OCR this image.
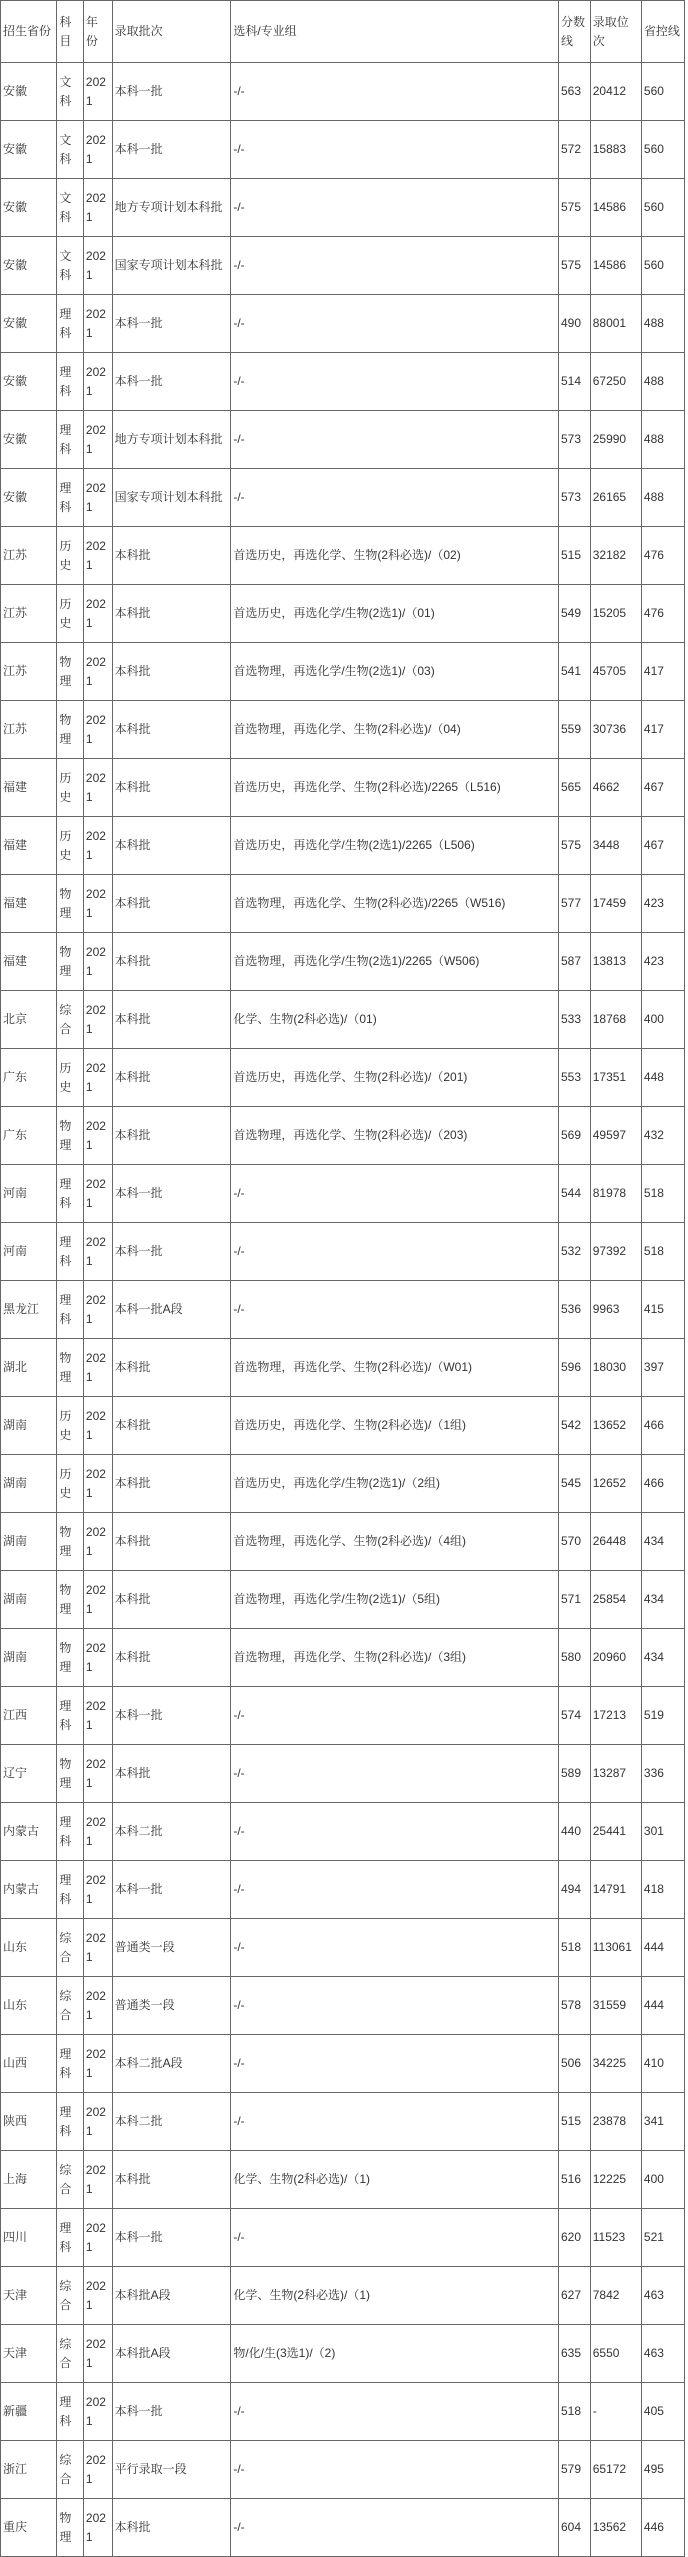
招生省份	科目	年份	录取批次	选科/专业组	分数线	录取位次	省控线
安徽	文科	2021	本科一批	-/-	563	20412	560
安徽	文科	2021	本科一批	-/-	572	15883	560
安徽	文科	2021	地方专项计划本科批	-/-	575	14586	560
安徽	文科	2021	国家专项计划本科批	-/-	575	14586	560
安徽	理科	2021	本科一批	-/-	490	88001	488
安徽	理科	2021	本科一批	-/-	514	67250	488
安徽	理科	2021	地方专项计划本科批	-/-	573	25990	488
安徽	理科	2021	国家专项计划本科批	-/-	573	26165	488
江苏	历史	2021	本科批	首选历史，再选化学、生物(2科必选)/（02)	515	32182	476
江苏	历史	2021	本科批	首选历史，再选化学/生物(2选1)/（01)	549	15205	476
江苏	物理	2021	本科批	首选物理，再选化学/生物(2选1)/（03)	541	45705	417
江苏	物理	2021	本科批	首选物理，再选化学、生物(2科必选)/（04)	559	30736	417
福建	历史	2021	本科批	首选历史，再选化学、生物(2科必选)/2265（L516)	565	4662	467
福建	历史	2021	本科批	首选历史，再选化学/生物(2选1)/2265（L506)	575	3448	467
福建	物理	2021	本科批	首选物理，再选化学、生物(2科必选)/2265（W516)	577	17459	423
福建	物理	2021	本科批	首选物理，再选化学/生物(2选1)/2265（W506)	587	13813	423
北京	综合	2021	本科批	化学、生物(2科必选)/（01)	533	18768	400
广东	历史	2021	本科批	首选历史，再选化学、生物(2科必选)/（201)	553	17351	448
广东	物理	2021	本科批	首选物理，再选化学、生物(2科必选)/（203)	569	49597	432
河南	理科	2021	本科一批	-/-	544	81978	518
河南	理科	2021	本科一批	-/-	532	97392	518
黑龙江	理科	2021	本科一批A段	-/-	536	9963	415
湖北	物理	2021	本科批	首选物理，再选化学、生物(2科必选)/（W01)	596	18030	397
湖南	历史	2021	本科批	首选历史，再选化学、生物(2科必选)/（1组)	542	13652	466
湖南	历史	2021	本科批	首选历史，再选化学/生物(2选1)/（2组)	545	12652	466
湖南	物理	2021	本科批	首选物理，再选化学、生物(2科必选)/（4组)	570	26448	434
湖南	物理	2021	本科批	首选物理，再选化学/生物(2选1)/（5组)	571	25854	434
湖南	物理	2021	本科批	首选物理，再选化学、生物(2科必选)/（3组)	580	20960	434
江西	理科	2021	本科一批	-/-	574	17213	519
辽宁	物理	2021	本科批	-/-	589	13287	336
内蒙古	理科	2021	本科二批	-/-	440	25441	301
内蒙古	理科	2021	本科一批	-/-	494	14791	418
山东	综合	2021	普通类一段	-/-	518	113061	444
山东	综合	2021	普通类一段	-/-	578	31559	444
山西	理科	2021	本科二批A段	-/-	506	34225	410
陕西	理科	2021	本科二批	-/-	515	23878	341
上海	综合	2021	本科批	化学、生物(2科必选)/（1)	516	12225	400
四川	理科	2021	本科一批	-/-	620	11523	521
天津	综合	2021	本科批A段	化学、生物(2科必选)/（1)	627	7842	463
天津	综合	2021	本科批A段	物/化/生(3选1)/（2)	635	6550	463
新疆	理科	2021	本科一批	-/-	518	-	405
浙江	综合	2021	平行录取一段	-/-	579	65172	495
重庆	物理	2021	本科批	-/-	604	13562	446
